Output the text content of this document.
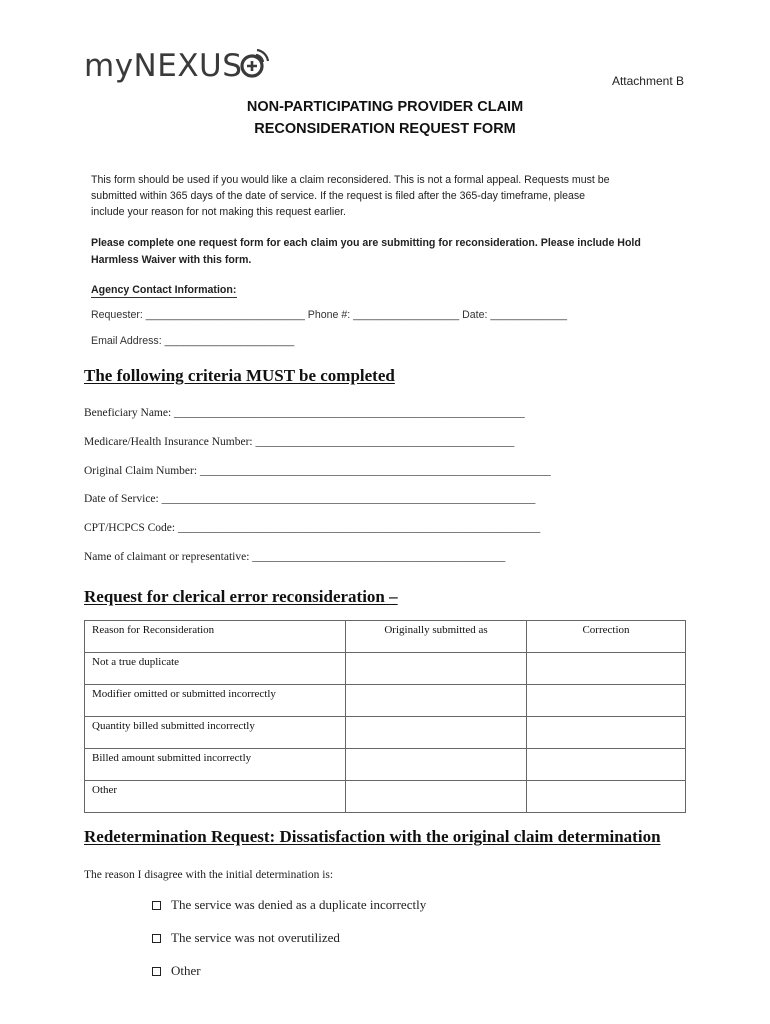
myNEXUS	Attachment B
NON-PARTICIPATING PROVIDER CLAIM
RECONSIDERATION REQUEST FORM
This form should be used if you would like a claim reconsidered. This is not a formal appeal. Requests must be
submitted within 365 days of the date of service. If the request is filed after the 365-day timeframe, please
include your reason for not making this request earlier.
Please complete one request form for each claim you are submitting for reconsideration. Please include Hold
Harmless Waiver with this form.
Agency Contact Information:
Requester: ___________________________ Phone #: __________________ Date: _____________
Email Address: ______________________
The following criteria MUST be completed
Beneficiary Name: _____________________________________________________________
Medicare/Health Insurance Number: _____________________________________________
Original Claim Number: _____________________________________________________________
Date of Service: _________________________________________________________________
CPT/HCPCS Code: _______________________________________________________________
Name of claimant or representative: ____________________________________________
Request for clerical error reconsideration –
Reason for Reconsideration	Originally submitted as	Correction
Not a true duplicate		
Modifier omitted or submitted incorrectly		
Quantity billed submitted incorrectly		
Billed amount submitted incorrectly		
Other		
Redetermination Request: Dissatisfaction with the original claim determination
The reason I disagree with the initial determination is:
The service was denied as a duplicate incorrectly
The service was not overutilized
Other
